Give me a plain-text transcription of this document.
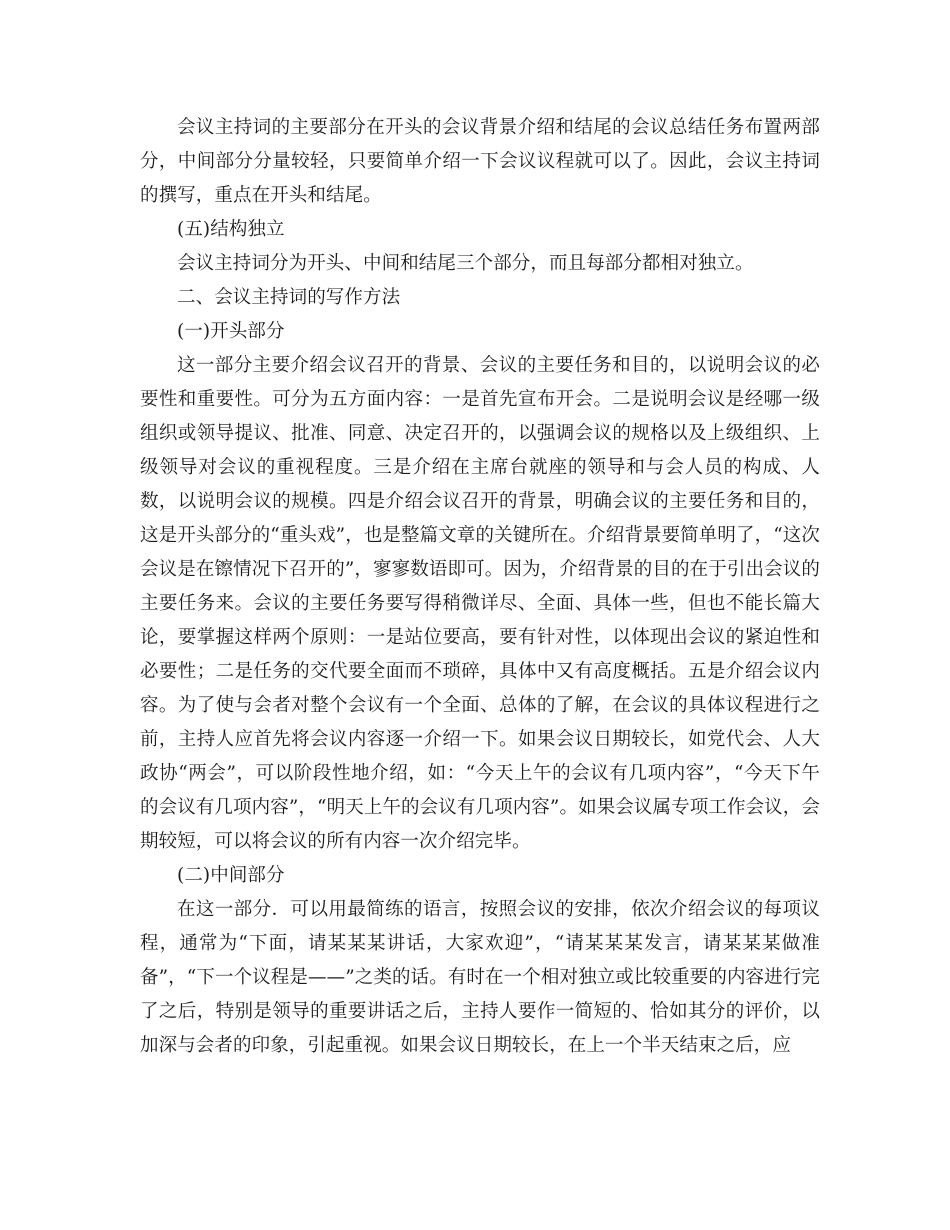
会议主持词的主要部分在开头的会议背景介绍和结尾的会议总结任务布置两部分，中间部分分量较轻，只要简单介绍一下会议议程就可以了。因此，会议主持词的撰写，重点在开头和结尾。

(五)结构独立

会议主持词分为开头、中间和结尾三个部分，而且每部分都相对独立。

二、会议主持词的写作方法

(一)开头部分

这一部分主要介绍会议召开的背景、会议的主要任务和目的，以说明会议的必要性和重要性。可分为五方面内容：一是首先宣布开会。二是说明会议是经哪一级组织或领导提议、批准、同意、决定召开的，以强调会议的规格以及上级组织、上级领导对会议的重视程度。三是介绍在主席台就座的领导和与会人员的构成、人数，以说明会议的规模。四是介绍会议召开的背景，明确会议的主要任务和目的，这是开头部分的“重头戏”，也是整篇文章的关键所在。介绍背景要简单明了，“这次会议是在镲情况下召开的”，寥寥数语即可。因为，介绍背景的目的在于引出会议的主要任务来。会议的主要任务要写得稍微详尽、全面、具体一些，但也不能长篇大论，要掌握这样两个原则：一是站位要高，要有针对性，以体现出会议的紧迫性和必要性；二是任务的交代要全面而不琐碎，具体中又有高度概括。五是介绍会议内容。为了使与会者对整个会议有一个全面、总体的了解，在会议的具体议程进行之前，主持人应首先将会议内容逐一介绍一下。如果会议日期较长，如党代会、人大政协“两会”，可以阶段性地介绍，如：“今天上午的会议有几项内容”，“今天下午的会议有几项内容”，“明天上午的会议有几项内容”。如果会议属专项工作会议，会期较短，可以将会议的所有内容一次介绍完毕。

(二)中间部分

在这一部分．可以用最简练的语言，按照会议的安排，依次介绍会议的每项议程，通常为“下面，请某某某讲话，大家欢迎”，“请某某某发言，请某某某做准备”，“下一个议程是——”之类的话。有时在一个相对独立或比较重要的内容进行完了之后，特别是领导的重要讲话之后，主持人要作一简短的、恰如其分的评价，以加深与会者的印象，引起重视。如果会议日期较长，在上一个半天结束之后，应
